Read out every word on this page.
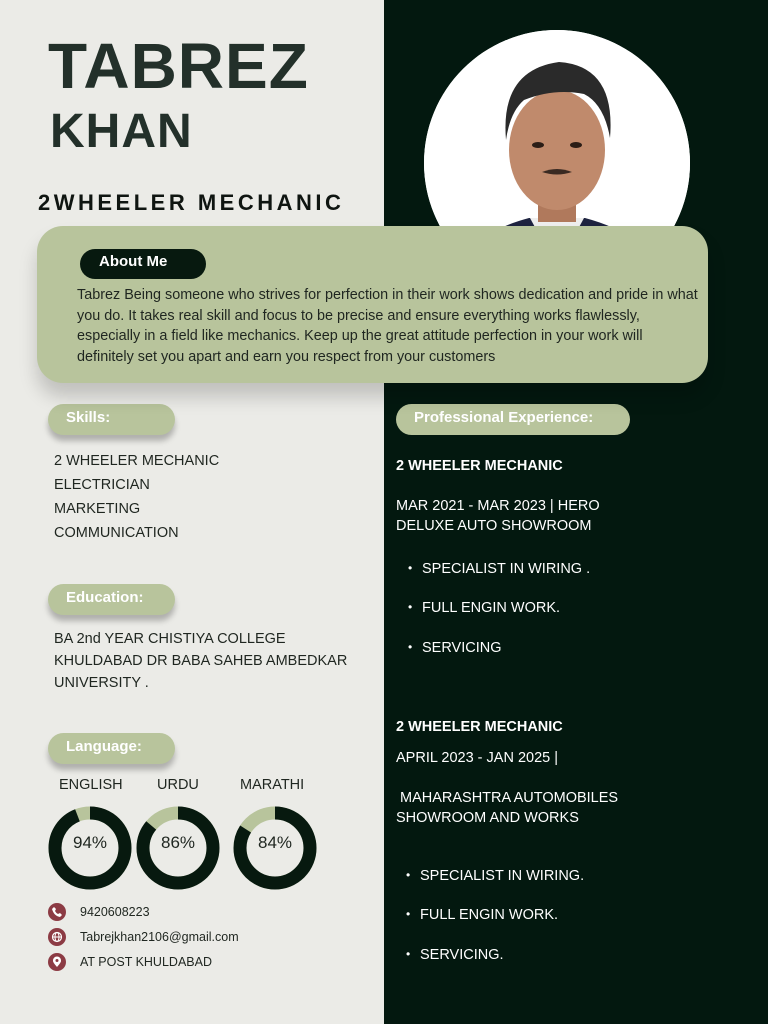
TABREZ
KHAN
2WHEELER MECHANIC
About Me
Tabrez Being someone who strives for perfection in their work shows dedication and pride in what you do. It takes real skill and focus to be precise and ensure everything works flawlessly, especially in a field like mechanics. Keep up the great attitude perfection in your work will definitely set you apart and earn you respect from your customers
Skills:
2 WHEELER MECHANIC
ELECTRICIAN
MARKETING
COMMUNICATION
Education:
BA 2nd YEAR CHISTIYA COLLEGE KHULDABAD DR BABA SAHEB AMBEDKAR UNIVERSITY .
Language:
ENGLISH URDU	MARATHI
94%	86%	84%
9420608223
Tabrejkhan2106@gmail.com
AT POST KHULDABAD
Professional Experience:
2 WHEELER MECHANIC
MAR 2021 - MAR 2023 | HERO DELUXE AUTO SHOWROOM
• SPECIALIST IN WIRING .
• FULL ENGIN WORK.
• SERVICING
2 WHEELER MECHANIC
APRIL 2023 - JAN 2025 |
MAHARASHTRA AUTOMOBILES SHOWROOM AND WORKS
• SPECIALIST IN WIRING.
• FULL ENGIN WORK.
• SERVICING.
